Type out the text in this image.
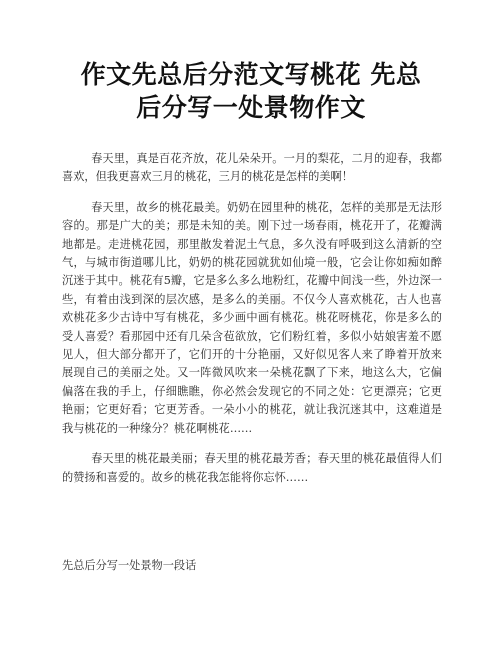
作文先总后分范文写桃花 先总
后分写一处景物作文

春天里，真是百花齐放，花儿朵朵开。一月的梨花，二月的迎春，我都喜欢，但我更喜欢三月的桃花，三月的桃花是怎样的美啊！

春天里，故乡的桃花最美。奶奶在园里种的桃花，怎样的美那是无法形容的。那是广大的美；那是未知的美。刚下过一场春雨，桃花开了，花瓣满地都是。走进桃花园，那里散发着泥土气息，多久没有呼吸到这么清新的空气，与城市街道哪儿比，奶奶的桃花园就犹如仙境一般，它会让你如痴如醉沉迷于其中。桃花有5瓣，它是多么多么地粉红，花瓣中间浅一些，外边深一些，有着由浅到深的层次感，是多么的美丽。不仅今人喜欢桃花，古人也喜欢桃花多少古诗中写有桃花，多少画中画有桃花。桃花呀桃花，你是多么的受人喜爱？看那园中还有几朵含苞欲放，它们粉红着，多似小姑娘害羞不愿见人，但大部分都开了，它们开的十分艳丽，又好似见客人来了睁着开放来展现自己的美丽之处。又一阵微风吹来一朵桃花飘了下来，地这么大，它偏偏落在我的手上，仔细瞧瞧，你必然会发现它的不同之处：它更漂亮；它更艳丽；它更好看；它更芳香。一朵小小的桃花，就让我沉迷其中，这难道是我与桃花的一种缘分？桃花啊桃花……

春天里的桃花最美丽；春天里的桃花最芳香；春天里的桃花最值得人们的赞扬和喜爱的。故乡的桃花我怎能将你忘怀……

先总后分写一处景物一段话
